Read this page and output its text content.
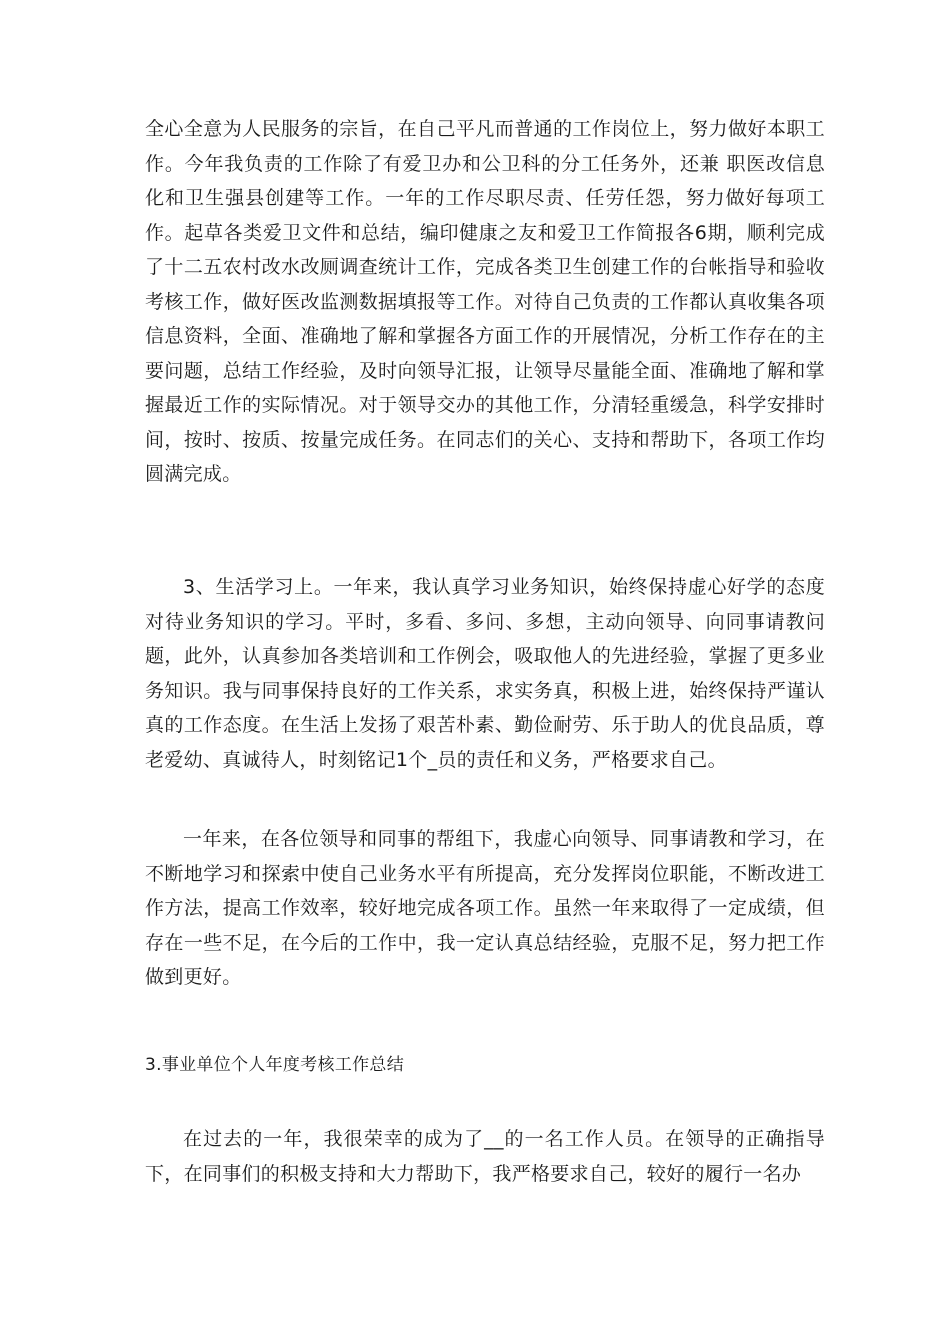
全心全意为人民服务的宗旨，在自己平凡而普通的工作岗位上，努力做好本职工作。今年我负责的工作除了有爱卫办和公卫科的分工任务外，还兼 职医改信息化和卫生强县创建等工作。一年的工作尽职尽责、任劳任怨，努力做好每项工作。起草各类爱卫文件和总结，编印健康之友和爱卫工作简报各6期，顺利完成了十二五农村改水改厕调查统计工作，完成各类卫生创建工作的台帐指导和验收考核工作，做好医改监测数据填报等工作。对待自己负责的工作都认真收集各项信息资料，全面、准确地了解和掌握各方面工作的开展情况，分析工作存在的主要问题，总结工作经验，及时向领导汇报，让领导尽量能全面、准确地了解和掌握最近工作的实际情况。对于领导交办的其他工作，分清轻重缓急，科学安排时间，按时、按质、按量完成任务。在同志们的关心、支持和帮助下，各项工作均圆满完成。

3、生活学习上。一年来，我认真学习业务知识，始终保持虚心好学的态度对待业务知识的学习。平时，多看、多问、多想，主动向领导、向同事请教问题，此外，认真参加各类培训和工作例会，吸取他人的先进经验，掌握了更多业务知识。我与同事保持良好的工作关系，求实务真，积极上进，始终保持严谨认真的工作态度。在生活上发扬了艰苦朴素、勤俭耐劳、乐于助人的优良品质，尊老爱幼、真诚待人，时刻铭记1个_员的责任和义务，严格要求自己。

一年来，在各位领导和同事的帮组下，我虚心向领导、同事请教和学习，在不断地学习和探索中使自己业务水平有所提高，充分发挥岗位职能，不断改进工作方法，提高工作效率，较好地完成各项工作。虽然一年来取得了一定成绩，但存在一些不足，在今后的工作中，我一定认真总结经验，克服不足，努力把工作做到更好。

3.事业单位个人年度考核工作总结

在过去的一年，我很荣幸的成为了__的一名工作人员。在领导的正确指导下，在同事们的积极支持和大力帮助下，我严格要求自己，较好的履行一名办
